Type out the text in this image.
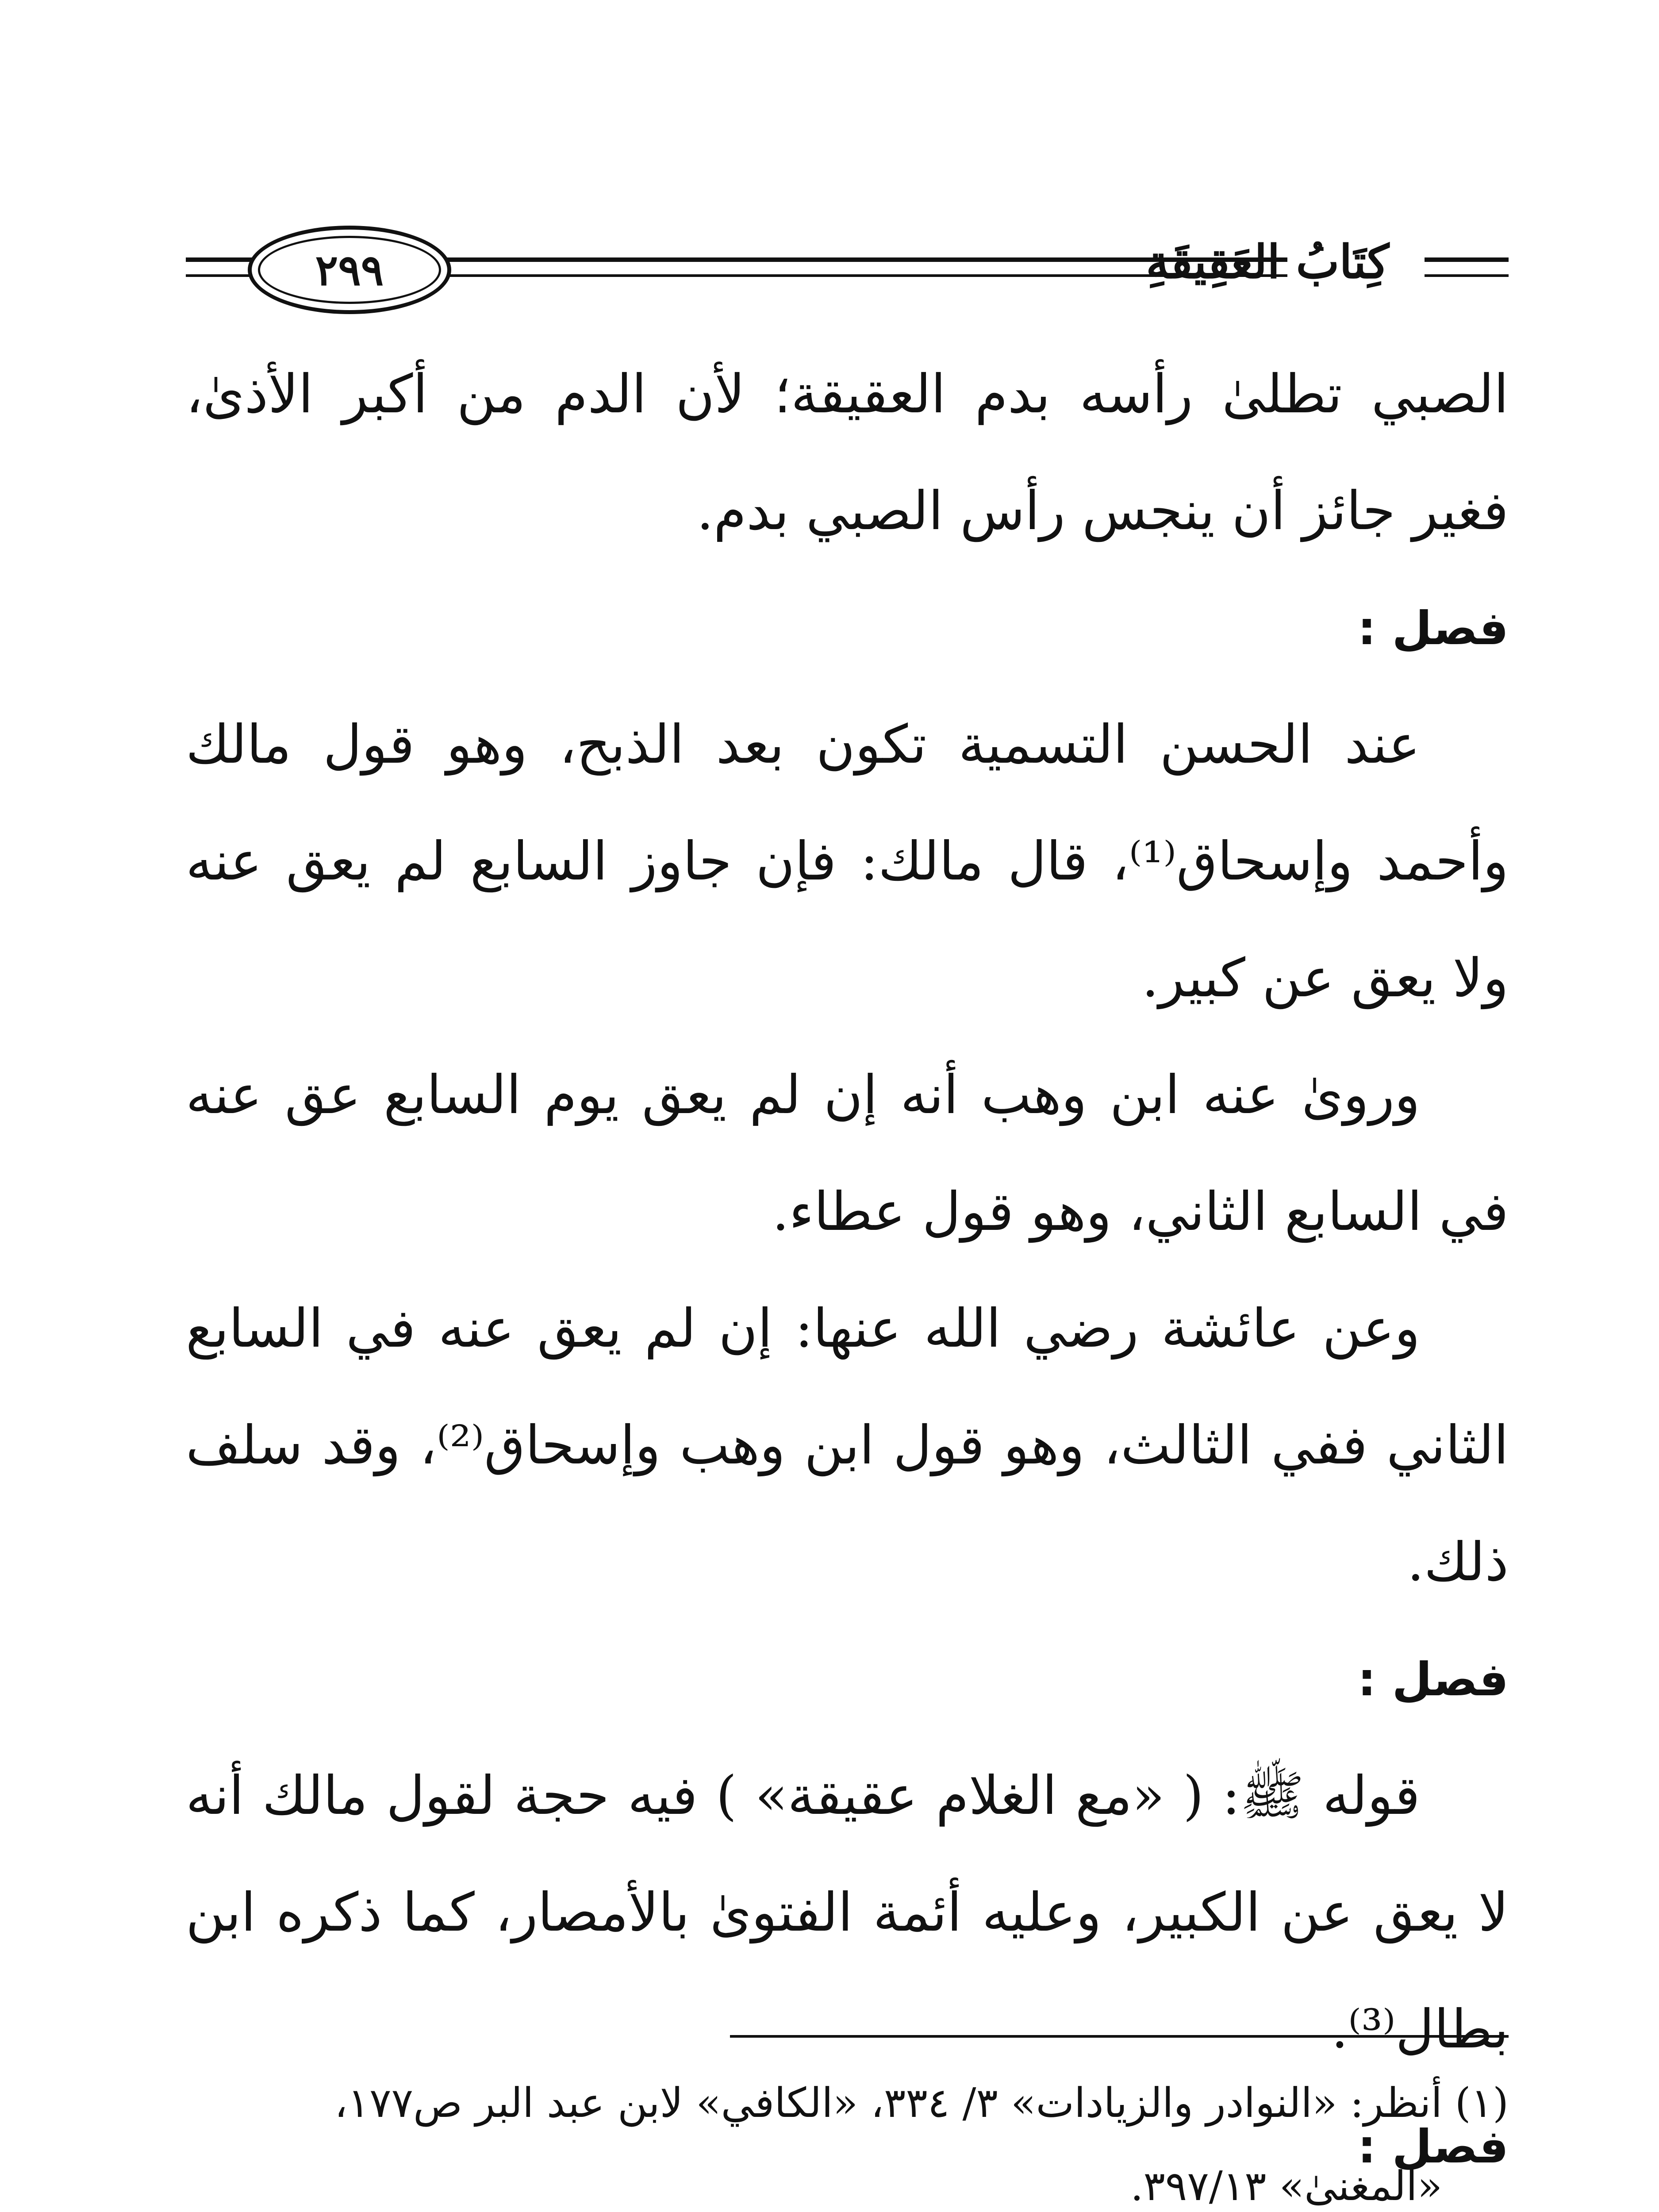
٢٩٩	كِتَابُ العَقِيقَةِ

الصبي تطلىٰ رأسه بدم العقيقة؛ لأن الدم من أكبر الأذىٰ، فغير جائز أن ينجس رأس الصبي بدم.

فصل :

عند الحسن التسمية تكون بعد الذبح، وهو قول مالك وأحمد وإسحاق⁽¹⁾، قال مالك: فإن جاوز السابع لم يعق عنه ولا يعق عن كبير.

وروىٰ عنه ابن وهب أنه إن لم يعق يوم السابع عق عنه في السابع الثاني، وهو قول عطاء.

وعن عائشة رضي الله عنها: إن لم يعق عنه في السابع الثاني ففي الثالث، وهو قول ابن وهب وإسحاق⁽²⁾، وقد سلف ذلك.

فصل :

قوله ﷺ: ( «مع الغلام عقيقة» ) فيه حجة لقول مالك أنه لا يعق عن الكبير، وعليه أئمة الفتوىٰ بالأمصار، كما ذكره ابن بطال⁽³⁾.

فصل :

(١)
أنظر: «النوادر والزيادات» ٣/ ٣٣٤، «الكافي» لابن عبد البر ص١٧٧، «المغنىٰ» ٣٩٧/١٣.
